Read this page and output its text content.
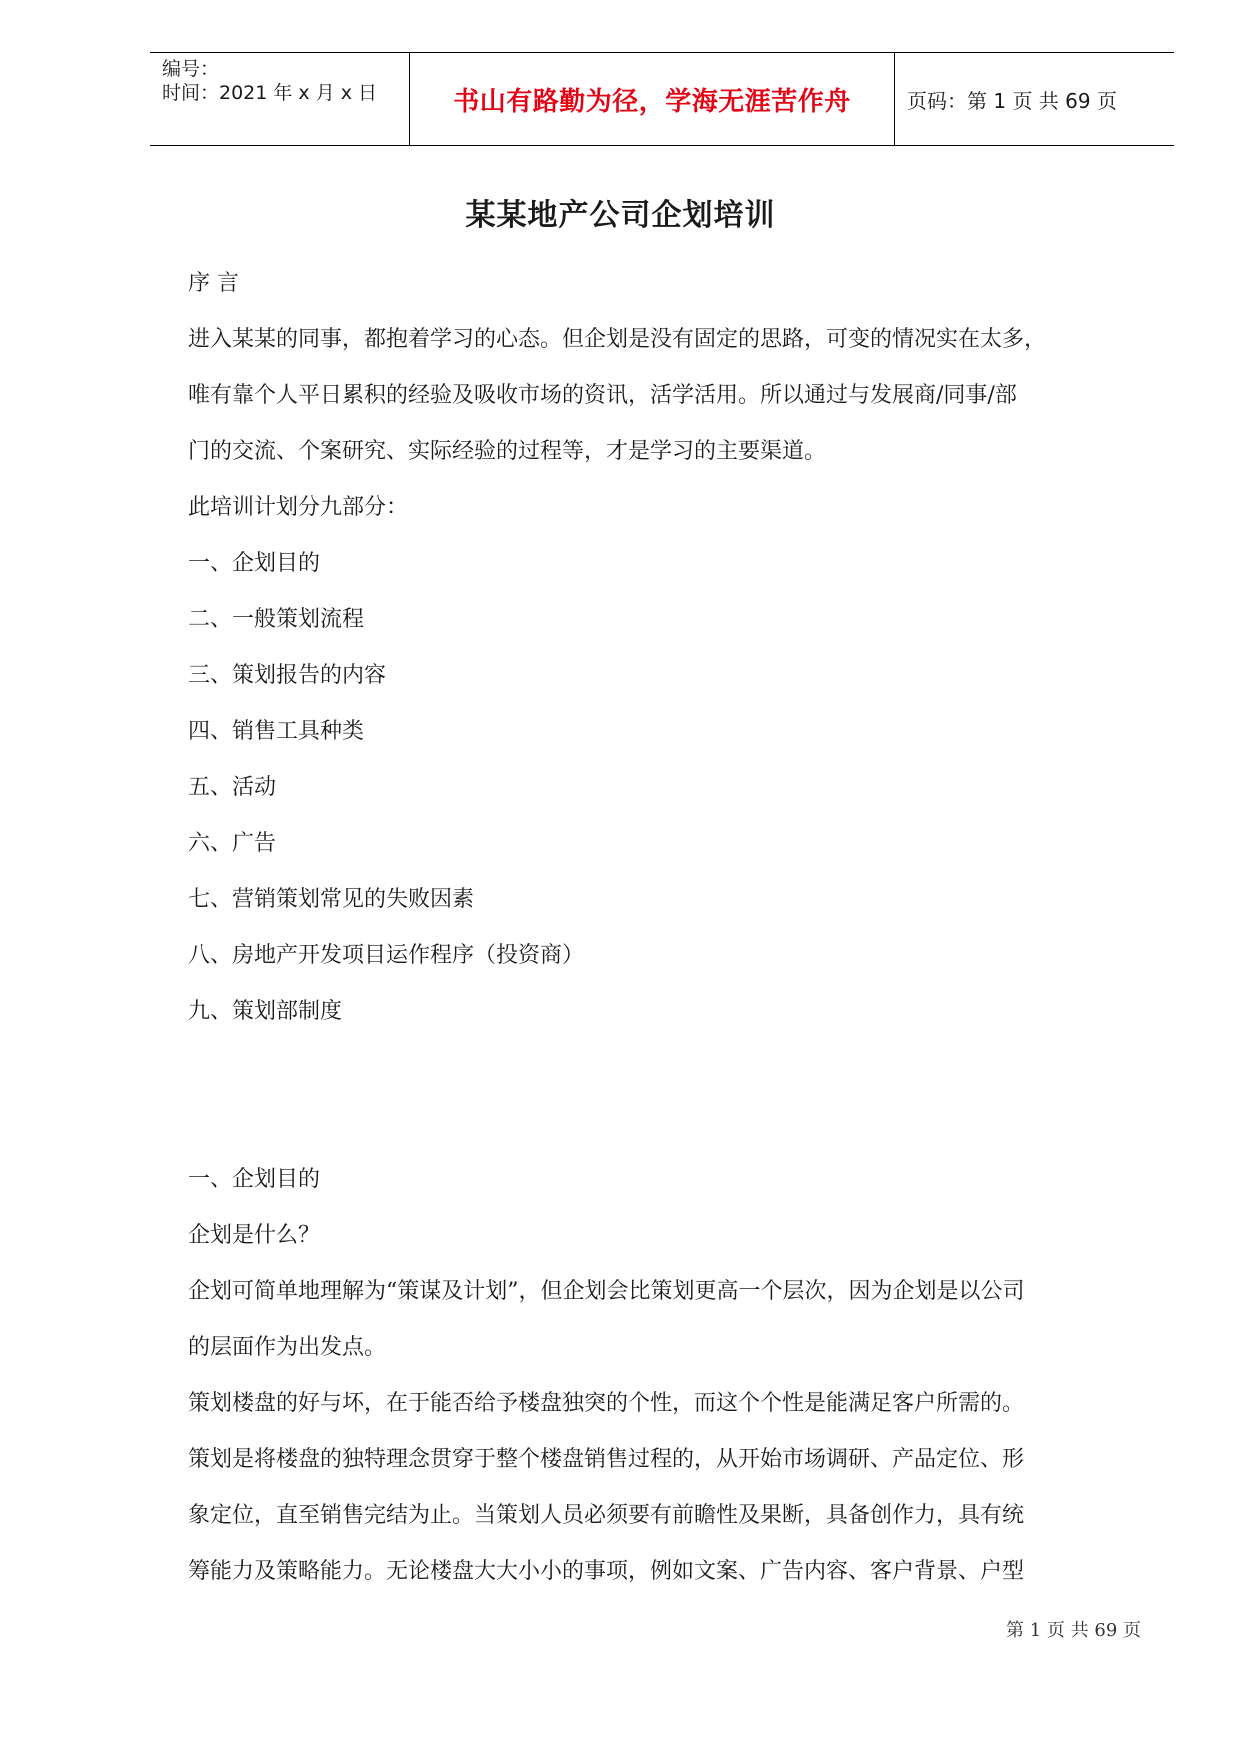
编号：
时间：2021 年 x 月 x 日	书山有路勤为径，学海无涯苦作舟	页码：第 1 页 共 69 页
某某地产公司企划培训
序 言
进入某某的同事，都抱着学习的心态。但企划是没有固定的思路，可变的情况实在太多，
唯有靠个人平日累积的经验及吸收市场的资讯，活学活用。所以通过与发展商/同事/部
门的交流、个案研究、实际经验的过程等，才是学习的主要渠道。
此培训计划分九部分：
一、企划目的
二、一般策划流程
三、策划报告的内容
四、销售工具种类
五、活动
六、广告
七、营销策划常见的失败因素
八、房地产开发项目运作程序（投资商）
九、策划部制度
一、企划目的
企划是什么？
企划可简单地理解为“策谋及计划”，但企划会比策划更高一个层次，因为企划是以公司
的层面作为出发点。
策划楼盘的好与坏，在于能否给予楼盘独突的个性，而这个个性是能满足客户所需的。
策划是将楼盘的独特理念贯穿于整个楼盘销售过程的，从开始市场调研、产品定位、形
象定位，直至销售完结为止。当策划人员必须要有前瞻性及果断，具备创作力，具有统
筹能力及策略能力。无论楼盘大大小小的事项，例如文案、广告内容、客户背景、户型
第 1 页 共 69 页
